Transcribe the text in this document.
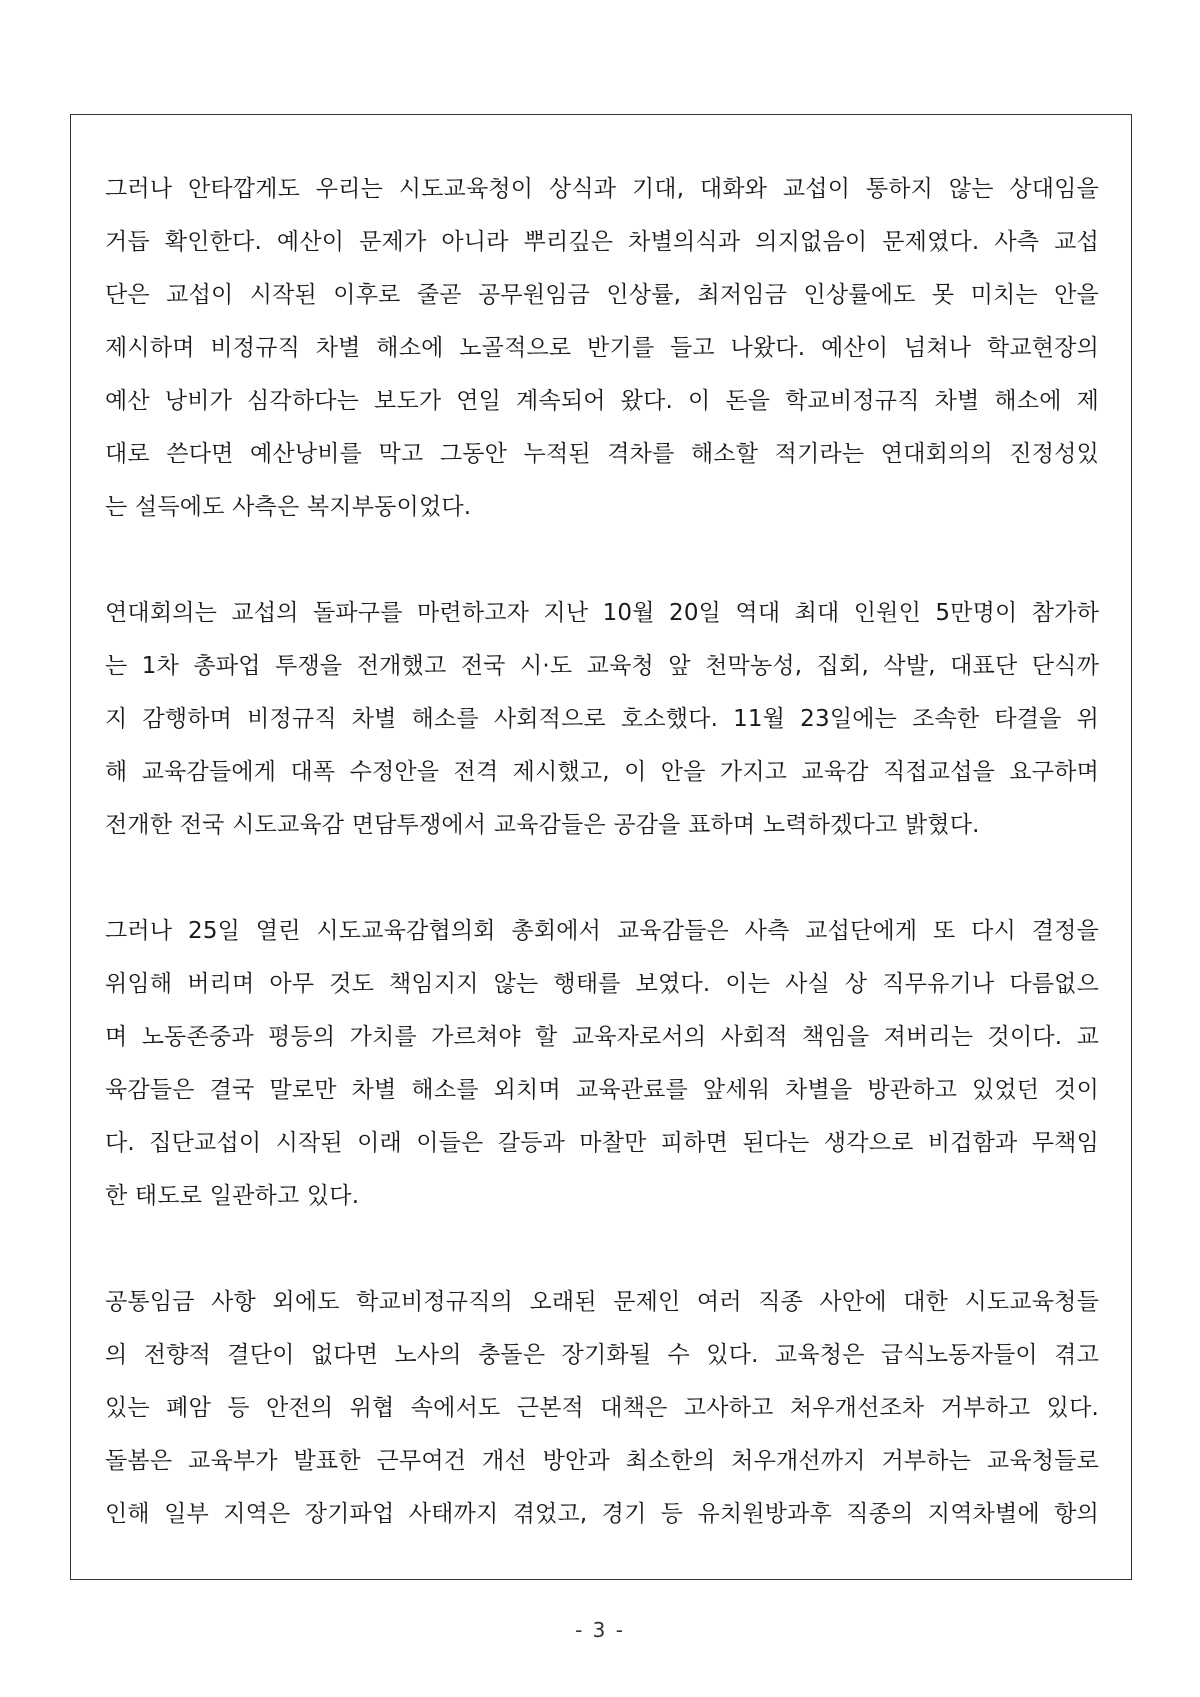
그러나 안타깝게도 우리는 시도교육청이 상식과 기대, 대화와 교섭이 통하지 않는 상대임을
거듭 확인한다. 예산이 문제가 아니라 뿌리깊은 차별의식과 의지없음이 문제였다. 사측 교섭
단은 교섭이 시작된 이후로 줄곧 공무원임금 인상률, 최저임금 인상률에도 못 미치는 안을
제시하며 비정규직 차별 해소에 노골적으로 반기를 들고 나왔다. 예산이 넘쳐나 학교현장의
예산 낭비가 심각하다는 보도가 연일 계속되어 왔다. 이 돈을 학교비정규직 차별 해소에 제
대로 쓴다면 예산낭비를 막고 그동안 누적된 격차를 해소할 적기라는 연대회의의 진정성있
는 설득에도 사측은 복지부동이었다.

연대회의는 교섭의 돌파구를 마련하고자 지난 10월 20일 역대 최대 인원인 5만명이 참가하
는 1차 총파업 투쟁을 전개했고 전국 시·도 교육청 앞 천막농성, 집회, 삭발, 대표단 단식까
지 감행하며 비정규직 차별 해소를 사회적으로 호소했다. 11월 23일에는 조속한 타결을 위
해 교육감들에게 대폭 수정안을 전격 제시했고, 이 안을 가지고 교육감 직접교섭을 요구하며
전개한 전국 시도교육감 면담투쟁에서 교육감들은 공감을 표하며 노력하겠다고 밝혔다.

그러나 25일 열린 시도교육감협의회 총회에서 교육감들은 사측 교섭단에게 또 다시 결정을
위임해 버리며 아무 것도 책임지지 않는 행태를 보였다. 이는 사실 상 직무유기나 다름없으
며 노동존중과 평등의 가치를 가르쳐야 할 교육자로서의 사회적 책임을 져버리는 것이다. 교
육감들은 결국 말로만 차별 해소를 외치며 교육관료를 앞세워 차별을 방관하고 있었던 것이
다. 집단교섭이 시작된 이래 이들은 갈등과 마찰만 피하면 된다는 생각으로 비겁함과 무책임
한 태도로 일관하고 있다.

공통임금 사항 외에도 학교비정규직의 오래된 문제인 여러 직종 사안에 대한 시도교육청들
의 전향적 결단이 없다면 노사의 충돌은 장기화될 수 있다. 교육청은 급식노동자들이 겪고
있는 폐암 등 안전의 위협 속에서도 근본적 대책은 고사하고 처우개선조차 거부하고 있다.
돌봄은 교육부가 발표한 근무여건 개선 방안과 최소한의 처우개선까지 거부하는 교육청들로
인해 일부 지역은 장기파업 사태까지 겪었고, 경기 등 유치원방과후 직종의 지역차별에 항의

- 3 -
